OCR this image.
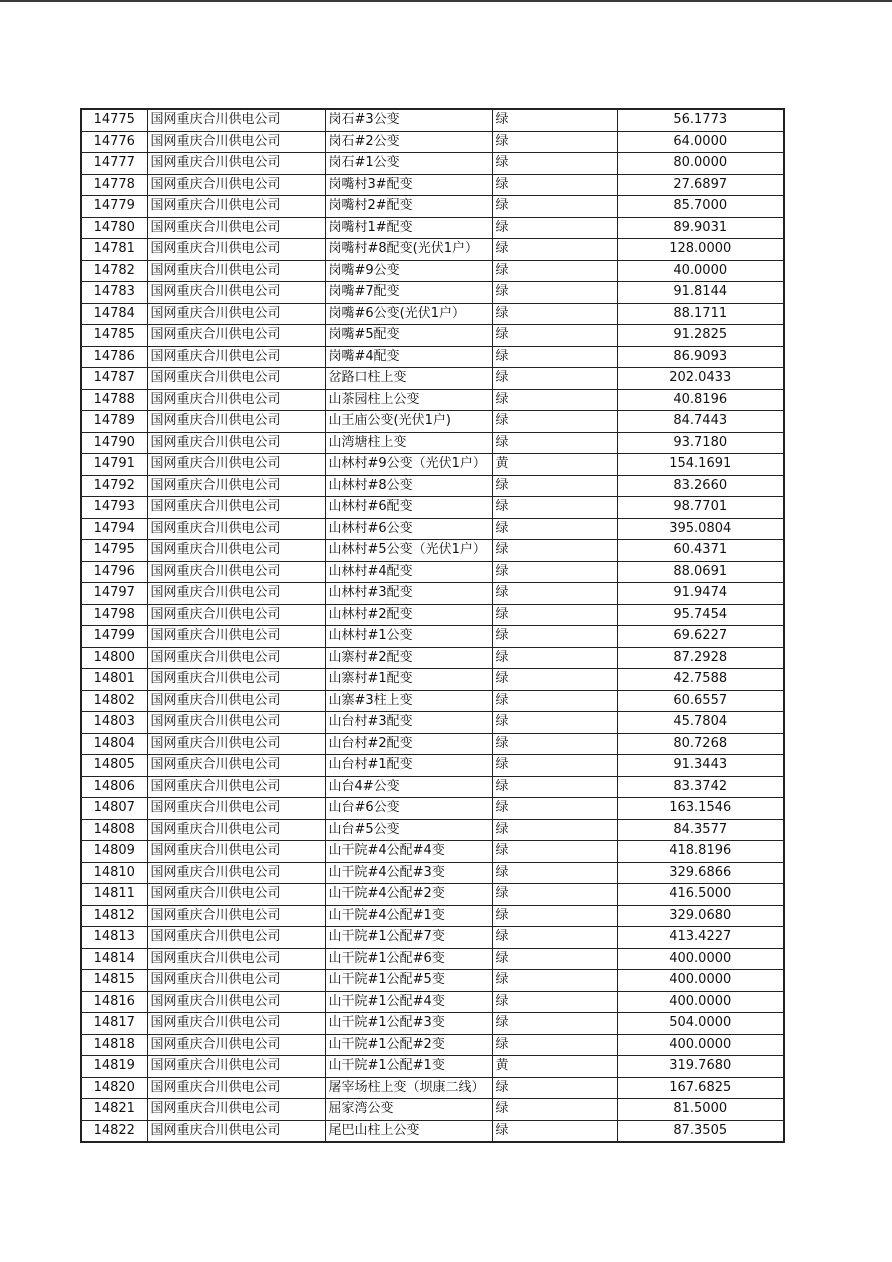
14775	国网重庆合川供电公司	岗石#3公变	绿	56.1773
14776	国网重庆合川供电公司	岗石#2公变	绿	64.0000
14777	国网重庆合川供电公司	岗石#1公变	绿	80.0000
14778	国网重庆合川供电公司	岗嘴村3#配变	绿	27.6897
14779	国网重庆合川供电公司	岗嘴村2#配变	绿	85.7000
14780	国网重庆合川供电公司	岗嘴村1#配变	绿	89.9031
14781	国网重庆合川供电公司	岗嘴村#8配变(光伏1户）	绿	128.0000
14782	国网重庆合川供电公司	岗嘴#9公变	绿	40.0000
14783	国网重庆合川供电公司	岗嘴#7配变	绿	91.8144
14784	国网重庆合川供电公司	岗嘴#6公变(光伏1户）	绿	88.1711
14785	国网重庆合川供电公司	岗嘴#5配变	绿	91.2825
14786	国网重庆合川供电公司	岗嘴#4配变	绿	86.9093
14787	国网重庆合川供电公司	岔路口柱上变	绿	202.0433
14788	国网重庆合川供电公司	山茶园柱上公变	绿	40.8196
14789	国网重庆合川供电公司	山王庙公变(光伏1户)	绿	84.7443
14790	国网重庆合川供电公司	山湾塘柱上变	绿	93.7180
14791	国网重庆合川供电公司	山林村#9公变（光伏1户）	黄	154.1691
14792	国网重庆合川供电公司	山林村#8公变	绿	83.2660
14793	国网重庆合川供电公司	山林村#6配变	绿	98.7701
14794	国网重庆合川供电公司	山林村#6公变	绿	395.0804
14795	国网重庆合川供电公司	山林村#5公变（光伏1户）	绿	60.4371
14796	国网重庆合川供电公司	山林村#4配变	绿	88.0691
14797	国网重庆合川供电公司	山林村#3配变	绿	91.9474
14798	国网重庆合川供电公司	山林村#2配变	绿	95.7454
14799	国网重庆合川供电公司	山林村#1公变	绿	69.6227
14800	国网重庆合川供电公司	山寨村#2配变	绿	87.2928
14801	国网重庆合川供电公司	山寨村#1配变	绿	42.7588
14802	国网重庆合川供电公司	山寨#3柱上变	绿	60.6557
14803	国网重庆合川供电公司	山台村#3配变	绿	45.7804
14804	国网重庆合川供电公司	山台村#2配变	绿	80.7268
14805	国网重庆合川供电公司	山台村#1配变	绿	91.3443
14806	国网重庆合川供电公司	山台4#公变	绿	83.3742
14807	国网重庆合川供电公司	山台#6公变	绿	163.1546
14808	国网重庆合川供电公司	山台#5公变	绿	84.3577
14809	国网重庆合川供电公司	山干院#4公配#4变	绿	418.8196
14810	国网重庆合川供电公司	山干院#4公配#3变	绿	329.6866
14811	国网重庆合川供电公司	山干院#4公配#2变	绿	416.5000
14812	国网重庆合川供电公司	山干院#4公配#1变	绿	329.0680
14813	国网重庆合川供电公司	山干院#1公配#7变	绿	413.4227
14814	国网重庆合川供电公司	山干院#1公配#6变	绿	400.0000
14815	国网重庆合川供电公司	山干院#1公配#5变	绿	400.0000
14816	国网重庆合川供电公司	山干院#1公配#4变	绿	400.0000
14817	国网重庆合川供电公司	山干院#1公配#3变	绿	504.0000
14818	国网重庆合川供电公司	山干院#1公配#2变	绿	400.0000
14819	国网重庆合川供电公司	山干院#1公配#1变	黄	319.7680
14820	国网重庆合川供电公司	屠宰场柱上变（坝康二线）	绿	167.6825
14821	国网重庆合川供电公司	屈家湾公变	绿	81.5000
14822	国网重庆合川供电公司	尾巴山柱上公变	绿	87.3505
